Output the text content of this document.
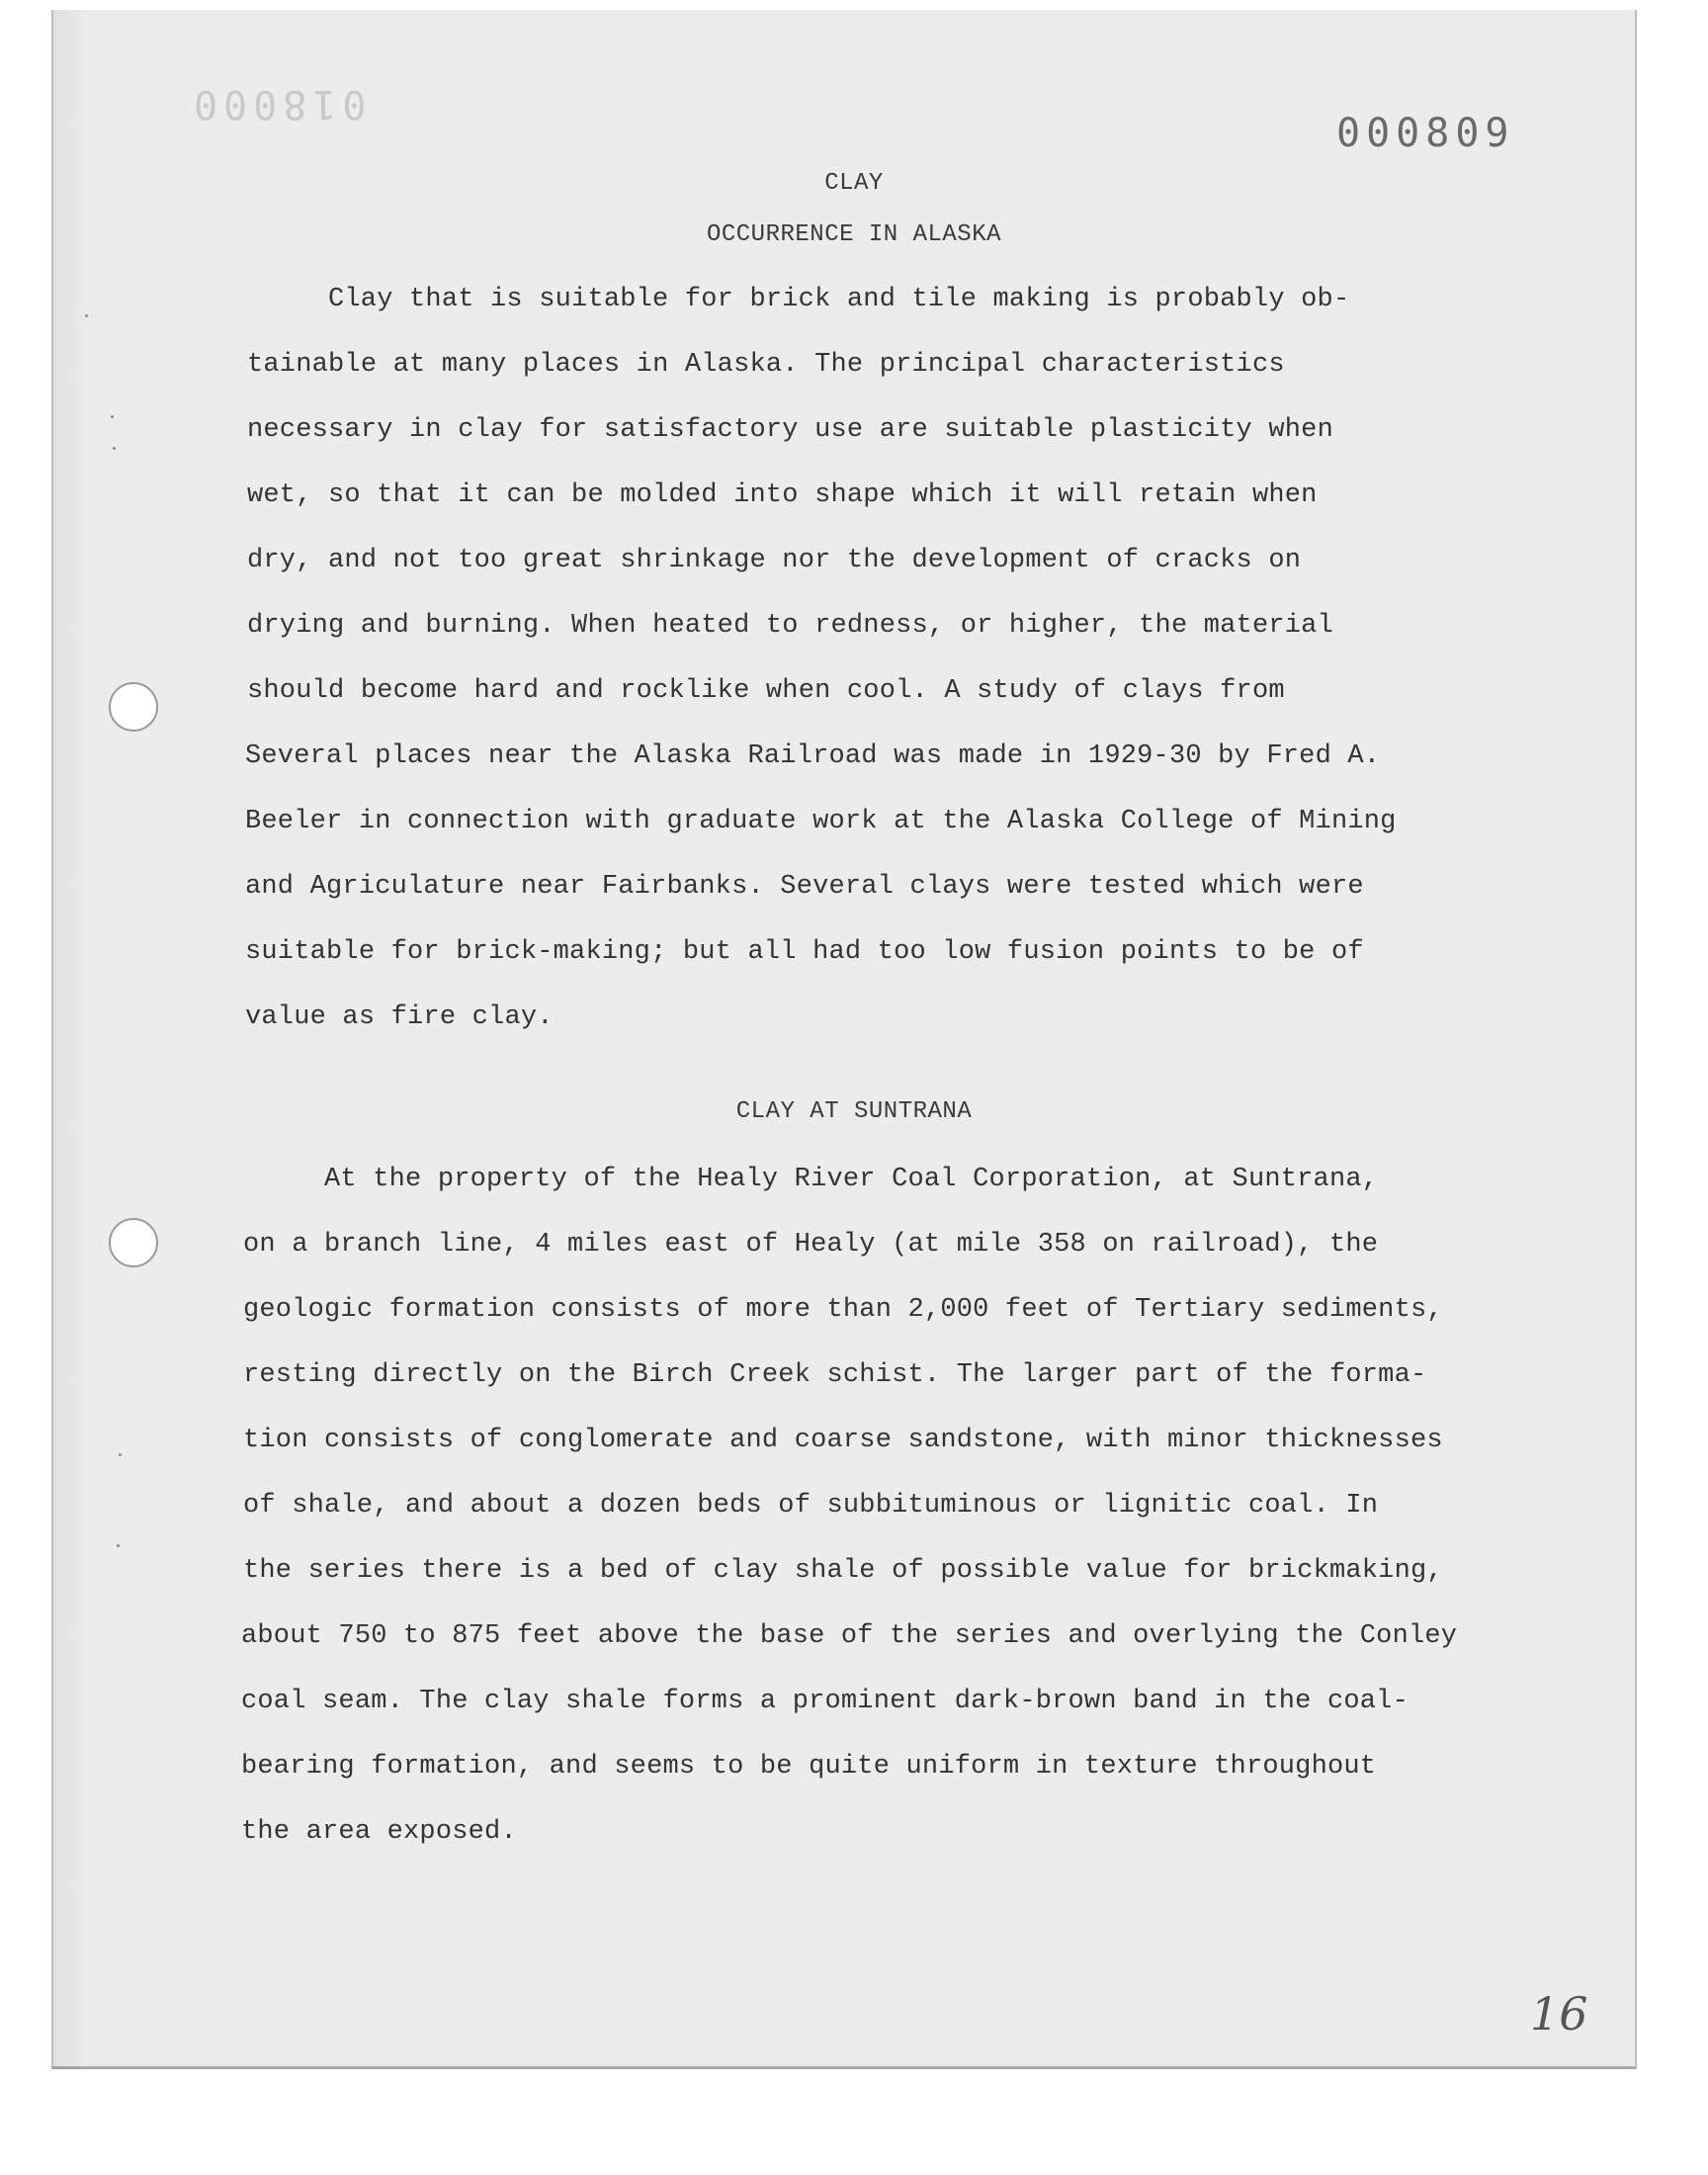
018000
000809
CLAY
OCCURRENCE IN ALASKA
Clay that is suitable for brick and tile making is probably ob-
tainable at many places in Alaska. The principal characteristics
necessary in clay for satisfactory use are suitable plasticity when
wet, so that it can be molded into shape which it will retain when
dry, and not too great shrinkage nor the development of cracks on
drying and burning. When heated to redness, or higher, the material
should become hard and rocklike when cool. A study of clays from
Several places near the Alaska Railroad was made in 1929-30 by Fred A.
Beeler in connection with graduate work at the Alaska College of Mining
and Agriculature near Fairbanks. Several clays were tested which were
suitable for brick-making; but all had too low fusion points to be of
value as fire clay.
CLAY AT SUNTRANA
At the property of the Healy River Coal Corporation, at Suntrana,
on a branch line, 4 miles east of Healy (at mile 358 on railroad), the
geologic formation consists of more than 2,000 feet of Tertiary sediments,
resting directly on the Birch Creek schist. The larger part of the forma-
tion consists of conglomerate and coarse sandstone, with minor thicknesses
of shale, and about a dozen beds of subbituminous or lignitic coal. In
the series there is a bed of clay shale of possible value for brickmaking,
about 750 to 875 feet above the base of the series and overlying the Conley
coal seam. The clay shale forms a prominent dark-brown band in the coal-
bearing formation, and seems to be quite uniform in texture throughout
the area exposed.
16
